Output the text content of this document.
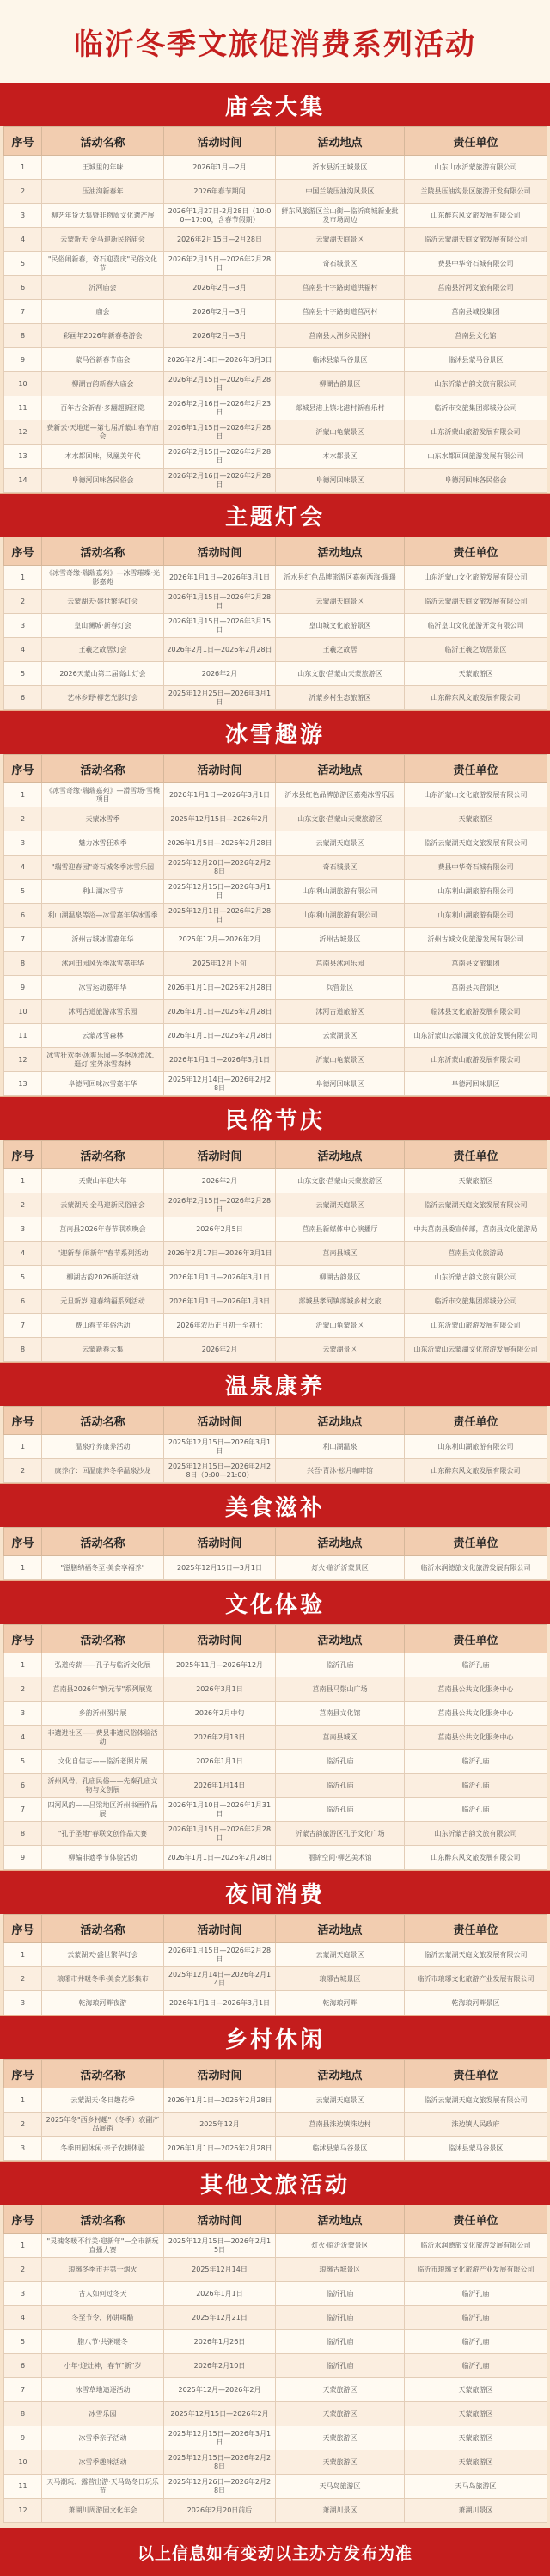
临沂冬季文旅促消费系列活动
庙会大集
序号	活动名称	活动时间	活动地点	责任单位
1	王城里的年味	2026年1月—2月	沂水县沂王城景区	山东山水沂蒙旅游有限公司
2	压油沟新春年	2026年春节期间	中国兰陵压油沟风景区	兰陵县压油沟景区旅游开发有限公司
3	柳艺年货大集暨非物质文化遗产展	2026年1月27日-2月28日（10:00—17:00，含春节假期）	鲜东风旅游区兰山街—临沂商城新业批发市场周边	山东醉东风文旅发展有限公司
4	云蒙新天·金马迎新民俗庙会	2026年2月15日—2月28日	云蒙湖天庭景区	临沂云蒙湖天庭文旅发展有限公司
5	"民俗闹新春，奇石迎喜庆"民俗文化节	2026年2月15日—2026年2月28日	奇石城景区	费县中华奇石城有限公司
6	沂河庙会	2026年2月—3月	莒南县十字路街道洪福村	莒南县沂河文旅有限公司
7	庙会	2026年2月—3月	莒南县十字路街道莒河村	莒南县城投集团
8	彩画年2026年新春巷游会	2026年2月—3月	莒南县大洲乡民俗村	莒南县文化馆
9	蒙马谷新春节庙会	2026年2月14日—2026年3月3日	临沭县蒙马谷景区	临沭县蒙马谷景区
10	柳湖古韵新春大庙会	2026年2月15日—2026年2月28日	柳湖古韵景区	山东沂蒙古韵文旅有限公司
11	百年古会新春·多翻超新团隐	2026年2月16日—2026年2月23日	郯城县港上镇北港村新春乐村	临沂市交旅集团郯城分公司
12	费新云·天地道—第七届沂蒙山春节庙会	2026年1月15日—2026年2月28日	沂蒙山龟蒙景区	山东沂蒙山旅游发展有限公司
13	本水都回味，凤凰美年代	2026年2月15日—2026年2月28日	本水都景区	山东水都回回旅游发展有限公司
14	阜德河回味各民俗会	2026年2月16日—2026年2月28日	阜德河回味景区	阜德河回味各民俗会
主题灯会
序号	活动名称	活动时间	活动地点	责任单位
1	《冰雪奇缘·瑞瑞嘉苑》—冰雪璀璨·光影嘉苑	2026年1月1日—2026年3月1日	沂水县红色品牌旅游区嘉苑西海·瑞瑞	山东沂蒙山文化旅游发展有限公司
2	云蒙湖天·盛世繁华灯会	2026年1月15日—2026年2月28日	云蒙湖天庭景区	临沂云蒙湖天庭文旅发展有限公司
3	皇山澜城·新春灯会	2026年1月15日—2026年3月15日	皇山城文化旅游景区	临沂皇山文化旅游开发有限公司
4	王羲之故居灯会	2026年2月1日—2026年2月28日	王羲之故居	临沂王羲之故居景区
5	2026天蒙山第二届高山灯会	2026年2月	山东文旅·莒蒙山天蒙旅游区	天蒙旅游区
6	艺林乡野·柳艺光影灯会	2025年12月25日—2026年3月1日	沂蒙乡村生态旅游区	山东醉东风文旅发展有限公司
冰雪趣游
序号	活动名称	活动时间	活动地点	责任单位
1	《冰雪奇缘·瑞瑞嘉苑》—滑雪场·雪橇项目	2026年1月1日—2026年3月1日	沂水县红色品牌旅游区嘉苑冰雪乐园	山东沂蒙山文化旅游发展有限公司
2	天蒙冰雪季	2025年12月15日—2026年2月	山东文旅·莒蒙山天蒙旅游区	天蒙旅游区
3	魅力冰雪狂欢季	2026年1月5日—2026年2月28日	云蒙湖天庭景区	临沂云蒙湖天庭文旅发展有限公司
4	"瑞雪迎春园"奇石城冬季冰雪乐园	2025年12月20日—2026年2月28日	奇石城景区	费县中华奇石城有限公司
5	利山湖冰雪节	2025年12月15日—2026年3月1日	山东利山湖旅游有限公司	山东利山湖旅游有限公司
6	利山湖温泉等浴—冰雪嘉年华冰雪季	2025年12月1日—2026年2月28日	山东利山湖旅游有限公司	山东利山湖旅游有限公司
7	沂州古城冰雪嘉年华	2025年12月—2026年2月	沂州古城景区	沂州古城文化旅游发展有限公司
8	沭河田园风光季冰雪嘉年华	2025年12月下旬	莒南县沭河乐园	莒南县文旅集团
9	冰雪运动嘉年华	2026年1月1日—2026年2月28日	兵营景区	莒南县兵营景区
10	沭河古道旅游冰雪乐园	2026年1月1日—2026年2月28日	沭河古道旅游区	临沭县文化旅游发展有限公司
11	云蒙冰雪森林	2026年1月1日—2026年2月28日	云蒙湖景区	山东沂蒙山云蒙湖文化旅游发展有限公司
12	冰雪狂欢季·冰爽乐园—冬季冰滑冰、逛灯·室外冰雪森林	2026年1月1日—2026年3月1日	沂蒙山龟蒙景区	山东沂蒙山旅游发展有限公司
13	阜德河回味冰雪嘉年华	2025年12月14日—2026年2月28日	阜德河回味景区	阜德河回味景区
民俗节庆
序号	活动名称	活动时间	活动地点	责任单位
1	天蒙山年迎大年	2026年2月	山东文旅·莒蒙山天蒙旅游区	天蒙旅游区
2	云蒙湖天·金马迎新民俗庙会	2026年2月15日—2026年2月28日	云蒙湖天庭景区	临沂云蒙湖天庭文旅发展有限公司
3	莒南县2026年春节联欢晚会	2026年2月5日	莒南县新媒体中心演播厅	中共莒南县委宣传部，莒南县文化旅游局
4	"迎新春 闹新年"春节系列活动	2026年2月17日—2026年3月1日	莒南县城区	莒南县文化旅游局
5	柳湖古韵2026新年活动	2026年1月1日—2026年3月1日	柳湖古韵景区	山东沂蒙古韵文旅有限公司
6	元旦新岁 迎春纳福系列活动	2026年1月1日—2026年1月3日	郯城县孝河镇郯城乡村文旅	临沂市交旅集团郯城分公司
7	费山春节年俗活动	2026年农历正月初一至初七	沂蒙山龟蒙景区	山东沂蒙山旅游发展有限公司
8	云蒙新春大集	2026年2月	云蒙湖景区	山东沂蒙山云蒙湖文化旅游发展有限公司
温泉康养
序号	活动名称	活动时间	活动地点	责任单位
1	温泉疗养康养活动	2025年12月15日—2026年3月1日	利山湖温泉	山东利山湖旅游有限公司
2	康养疗：回温康养冬季温泉沙龙	2025年12月15日—2026年2月28日（9:00—21:00）	兴吾·青沐·松月咖啡馆	山东醉东风文旅发展有限公司
美食滋补
序号	活动名称	活动时间	活动地点	责任单位
1	"滋膳纳福冬至·美食享福养"	2025年12月15日—3月1日	灯火·临沂沂蒙景区	临沂水润德旅文化旅游发展有限公司
文化体验
序号	活动名称	活动时间	活动地点	责任单位
1	弘道传薪——孔子与临沂文化展	2025年11月—2026年12月	临沂孔庙	临沂孔庙
2	莒南县2026年"鲜元节"系列展览	2026年3月1日	莒南县马鬃山广场	莒南县公共文化服务中心
3	乡韵沂州图片展	2026年2月中旬	莒南县文化馆	莒南县公共文化服务中心
4	非遗进社区——费县非遗民俗体验活动	2026年2月13日	莒南县城区	莒南县公共文化服务中心
5	文化自信志——临沂老照片展	2026年1月1日	临沂孔庙	临沂孔庙
6	沂州风骨，孔庙民俗——先秦孔庙文物与文创展	2026年1月14日	临沂孔庙	临沂孔庙
7	四河风韵——吕梁地区沂州书画作品展	2026年1月10日—2026年1月31日	临沂孔庙	临沂孔庙
8	"孔子圣地"春联文创作品大赛	2026年1月15日—2026年2月28日	沂蒙古韵旅游区孔子文化广场	山东沂蒙古韵文旅有限公司
9	柳编非遗季节体验活动	2026年1月1日—2026年2月28日	丽锦空间·柳艺美术馆	山东醉东风文旅发展有限公司
夜间消费
序号	活动名称	活动时间	活动地点	责任单位
1	云蒙湖天·盛世繁华灯会	2026年1月15日—2026年2月28日	云蒙湖天庭景区	临沂云蒙湖天庭文旅发展有限公司
2	琅琊市井暖冬季·美食光影集市	2025年12月14日—2026年2月14日	琅琊古城景区	临沂市琅琊文化旅游产业发展有限公司
3	乾海琅河畔夜游	2026年1月1日—2026年3月1日	乾海琅河畔	乾海琅河畔景区
乡村休闲
序号	活动名称	活动时间	活动地点	责任单位
1	云蒙湖天·冬日趣花季	2026年1月1日—2026年2月28日	云蒙湖天庭景区	临沂云蒙湖天庭文旅发展有限公司
2	2025年冬"西乡村趣"（冬季）农副产品展销	2025年12月	莒南县洙边镇洙边村	洙边镇人民政府
3	冬季田园休闲·亲子农耕体验	2026年1月1日—2026年2月28日	临沭县蒙马谷景区	临沭县蒙马谷景区
其他文旅活动
序号	活动名称	活动时间	活动地点	责任单位
1	"灵魂冬暖不行美·迎新年"—全市新玩直播大赛	2025年12月15日—2026年2月15日	灯火·临沂沂蒙景区	临沂水润德旅文化旅游发展有限公司
2	琅琊冬季市井第一烟火	2025年12月14日	琅琊古城景区	临沂市琅琊文化旅游产业发展有限公司
3	古人如何过冬天	2026年1月1日	临沂孔庙	临沂孔庙
4	冬至节令，孙讲喝醋	2025年12月21日	临沂孔庙	临沂孔庙
5	腊八节·共粥暖冬	2026年1月26日	临沂孔庙	临沂孔庙
6	小年·迎灶神，春节"新"岁	2026年2月10日	临沂孔庙	临沂孔庙
7	冰雪草地追逐活动	2025年12月—2026年2月	天蒙旅游区	天蒙旅游区
8	冰雪乐园	2025年12月15日—2026年2月	天蒙旅游区	天蒙旅游区
9	冰雪季亲子活动	2025年12月15日—2026年3月1日	天蒙旅游区	天蒙旅游区
10	冰雪季趣味活动	2025年12月15日—2026年2月28日	天蒙旅游区	天蒙旅游区
11	天马潮玩、露营出游·天马岛冬日玩乐节	2025年12月26日—2026年2月28日	天马岛旅游区	天马岛旅游区
12	萧湖川周游园文化年会	2026年2月20日前后	萧湖川景区	萧湖川景区
以上信息如有变动以主办方发布为准
